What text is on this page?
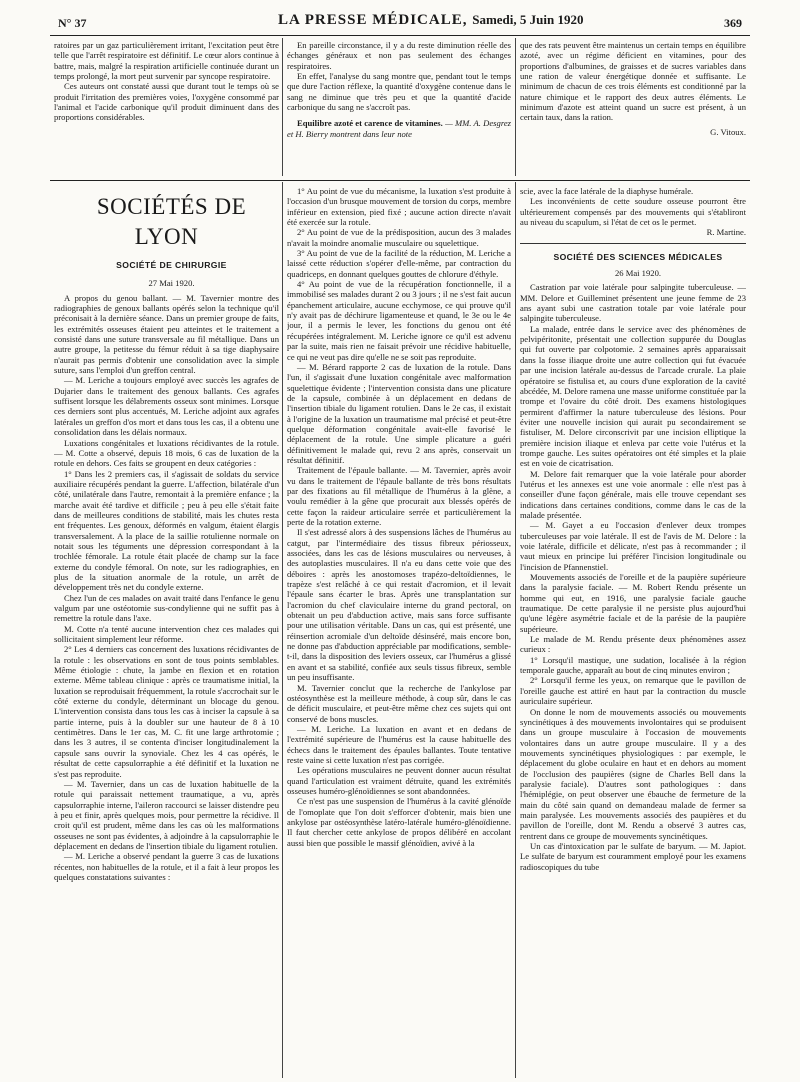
N° 37	LA PRESSE MÉDICALE, Samedi, 5 Juin 1920	369

ratoires par un gaz particulièrement irritant, l'excitation peut être telle que l'arrêt respiratoire est définitif. Le cœur alors continue à battre, mais, malgré la respiration artificielle continuée durant un temps prolongé, la mort peut survenir par syncope respiratoire.

Ces auteurs ont constaté aussi que durant tout le temps où se produit l'irritation des premières voies, l'oxygène consommé par l'animal et l'acide carbonique qu'il produit diminuent dans des proportions considérables.

En pareille circonstance, il y a du reste diminution réelle des échanges généraux et non pas seulement des échanges respiratoires.

En effet, l'analyse du sang montre que, pendant tout le temps que dure l'action réflexe, la quantité d'oxygène contenue dans le sang ne diminue que très peu et que la quantité d'acide carbonique du sang ne s'accroît pas.

Equilibre azoté et carence de vitamines. — MM. A. Desgrez et H. Bierry montrent dans leur note

que des rats peuvent être maintenus un certain temps en équilibre azoté, avec un régime déficient en vitamines, pour des proportions d'albumines, de graisses et de sucres variables dans une ration de valeur énergétique donnée et suffisante. Le minimum de chacun de ces trois éléments est conditionné par la nature chimique et le rapport des deux autres éléments. Le minimum d'azote est atteint quand un sucre est présent, à un certain taux, dans la ration.

G. Vitoux.

SOCIÉTÉS DE LYON

SOCIÉTÉ DE CHIRURGIE

27 Mai 1920.

A propos du genou ballant. — M. Tavernier montre des radiographies de genoux ballants opérés selon la technique qu'il préconisait à la dernière séance. Dans un premier groupe de faits, les extrémités osseuses étaient peu atteintes et le traitement a consisté dans une suture transversale au fil métallique. Dans un autre groupe, la petitesse du fémur réduit à sa tige diaphysaire n'aurait pas permis d'obtenir une consolidation avec la simple suture, sans l'emploi d'un greffon central.

— M. Leriche a toujours employé avec succès les agrafes de Dujarier dans le traitement des genoux ballants. Ces agrafes suffisent lorsque les délabrements osseux sont minimes. Lorsque ces derniers sont plus accentués, M. Leriche adjoint aux agrafes latérales un greffon d'os mort et dans tous les cas, il a obtenu une consolidation dans les délais normaux.

Luxations congénitales et luxations récidivantes de la rotule. — M. Cotte a observé, depuis 18 mois, 6 cas de luxation de la rotule en dehors. Ces faits se groupent en deux catégories :

1° Dans les 2 premiers cas, il s'agissait de soldats du service auxiliaire récupérés pendant la guerre. L'affection, bilatérale d'un côté, unilatérale dans l'autre, remontait à la première enfance ; la marche avait été tardive et difficile ; peu à peu elle s'était faite dans de meilleures conditions de stabilité, mais les chutes resta ent fréquentes. Les genoux, déformés en valgum, étaient élargis transversalement. A la place de la saillie rotulienne normale on notait sous les téguments une dépression correspondant à la trochlée fémorale. La rotule était placée de champ sur la face externe du condyle fémoral. On note, sur les radiographies, en plus de la situation anormale de la rotule, un arrêt de développement très net du condyle externe.

Chez l'un de ces malades on avait traité dans l'enfance le genu valgum par une ostéotomie sus-condylienne qui ne suffit pas à remettre la rotule dans l'axe.

M. Cotte n'a tenté aucune intervention chez ces malades qui sollicitaient simplement leur réforme.

2° Les 4 derniers cas concernent des luxations récidivantes de la rotule : les observations en sont de tous points semblables. Même étiologie : chute, la jambe en flexion et en rotation externe. Même tableau clinique : après ce traumatisme initial, la luxation se reproduisait fréquemment, la rotule s'accrochait sur le côté externe du condyle, déterminant un blocage du genou. L'intervention consista dans tous les cas à inciser la capsule à sa partie interne, puis à la doubler sur une hauteur de 8 à 10 centimètres. Dans le 1er cas, M. C. fit une large arthrotomie ; dans les 3 autres, il se contenta d'inciser longitudinalement la capsule sans ouvrir la synoviale. Chez les 4 cas opérés, le résultat de cette capsulorraphie a été définitif et la luxation ne s'est pas reproduite.

— M. Tavernier, dans un cas de luxation habituelle de la rotule qui paraissait nettement traumatique, a vu, après capsulorraphie interne, l'aileron raccourci se laisser distendre peu à peu et finir, après quelques mois, pour permettre la récidive. Il croit qu'il est prudent, même dans les cas où les malformations osseuses ne sont pas évidentes, à adjoindre à la capsulorraphie le déplacement en dedans de l'insertion tibiale du ligament rotulien.

— M. Leriche a observé pendant la guerre 3 cas de luxations récentes, non habituelles de la rotule, et il a fait à leur propos les quelques constatations suivantes :

1° Au point de vue du mécanisme, la luxation s'est produite à l'occasion d'un brusque mouvement de torsion du corps, membre inférieur en extension, pied fixé ; aucune action directe n'avait été exercée sur la rotule.

2° Au point de vue de la prédisposition, aucun des 3 malades n'avait la moindre anomalie musculaire ou squelettique.

3° Au point de vue de la facilité de la réduction, M. Leriche a laissé cette réduction s'opérer d'elle-même, par contraction du quadriceps, en donnant quelques gouttes de chlorure d'éthyle.

4° Au point de vue de la récupération fonctionnelle, il a immobilisé ses malades durant 2 ou 3 jours ; il ne s'est fait aucun épanchement articulaire, aucune ecchymose, ce qui prouve qu'il n'y avait pas de déchirure ligamenteuse et quand, le 3e ou le 4e jour, il a permis le lever, les fonctions du genou ont été récupérées intégralement. M. Leriche ignore ce qu'il est advenu par la suite, mais rien ne faisait prévoir une récidive habituelle, ce qui ne veut pas dire qu'elle ne se soit pas reproduite.

— M. Bérard rapporte 2 cas de luxation de la rotule. Dans l'un, il s'agissait d'une luxation congénitale avec malformation squelettique évidente ; l'intervention consista dans une plicature de la capsule, combinée à un déplacement en dedans de l'insertion tibiale du ligament rotulien. Dans le 2e cas, il existait à l'origine de la luxation un traumatisme mal précisé et peut-être quelque déformation congénitale avait-elle favorisé le déplacement de la rotule. Une simple plicature a guéri définitivement le malade qui, revu 2 ans après, conservait un résultat définitif.

Traitement de l'épaule ballante. — M. Tavernier, après avoir vu dans le traitement de l'épaule ballante de très bons résultats par des fixations au fil métallique de l'humérus à la glène, a voulu remédier à la gêne que procurait aux blessés opérés de cette façon la raideur articulaire serrée et particulièrement la perte de la rotation externe.

Il s'est adressé alors à des suspensions lâches de l'humérus au catgut, par l'intermédiaire des tissus fibreux périosseux, associées, dans les cas de lésions musculaires ou nerveuses, à des autoplasties musculaires. Il n'a eu dans cette voie que des déboires : après les anostomoses trapézo-deltoïdiennes, le trapèze s'est relâché à ce qui restait d'acromion, et il levait l'épaule sans écarter le bras. Après une transplantation sur l'acromion du chef claviculaire interne du grand pectoral, on obtenait un peu d'abduction active, mais sans force suffisante pour une utilisation véritable. Dans un cas, qui est présenté, une réinsertion acromiale d'un deltoïde désinséré, mais encore bon, ne donne pas d'abduction appréciable par modifications, semble-t-il, dans la disposition des leviers osseux, car l'humérus a glissé en avant et sa stabilité, confiée aux seuls tissus fibreux, semble un peu insuffisante.

M. Tavernier conclut que la recherche de l'ankylose par ostéosynthèse est la meilleure méthode, à coup sûr, dans le cas de déficit musculaire, et peut-être même chez ces sujets qui ont conservé de bons muscles.

— M. Leriche. La luxation en avant et en dedans de l'extrémité supérieure de l'humérus est la cause habituelle des échecs dans le traitement des épaules ballantes. Toute tentative reste vaine si cette luxation n'est pas corrigée.

Les opérations musculaires ne peuvent donner aucun résultat quand l'articulation est vraiment détruite, quand les extrémités osseuses huméro-glénoïdiennes se sont abandonnées.

Ce n'est pas une suspension de l'humérus à la cavité glénoïde de l'omoplate que l'on doit s'efforcer d'obtenir, mais bien une ankylose par ostéosynthèse latéro-latérale huméro-glénoïdienne. Il faut chercher cette ankylose de propos délibéré en accolant aussi bien que possible le massif glénoïdien, avivé à la

scie, avec la face latérale de la diaphyse humérale.

Les inconvénients de cette soudure osseuse pourront être ultérieurement compensés par des mouvements qui s'établiront au niveau du scapulum, si l'état de cet os le permet.

R. Martine.

SOCIÉTÉ DES SCIENCES MÉDICALES

26 Mai 1920.

Castration par voie latérale pour salpingite tuberculeuse. — MM. Delore et Guilleminet présentent une jeune femme de 23 ans ayant subi une castration totale par voie latérale pour salpingite tuberculeuse.

La malade, entrée dans le service avec des phénomènes de pelvipéritonite, présentait une collection suppurée du Douglas qui fut ouverte par colpotomie. 2 semaines après apparaissait dans la fosse iliaque droite une autre collection qui fut évacuée par une incision latérale au-dessus de l'arcade crurale. La plaie opératoire se fistulisa et, au cours d'une exploration de la cavité abcédée, M. Delore ramena une masse uniforme constituée par la trompe et l'ovaire du côté droit. Des examens histologiques permirent d'affirmer la nature tuberculeuse des lésions. Pour éviter une nouvelle incision qui aurait pu secondairement se fistuliser, M. Delore circonscrivit par une incision elliptique la première incision iliaque et enleva par cette voie l'utérus et la trompe gauche. Les suites opératoires ont été simples et la plaie est en voie de cicatrisation.

M. Delore fait remarquer que la voie latérale pour aborder l'utérus et les annexes est une voie anormale : elle n'est pas à conseiller d'une façon générale, mais elle trouve cependant ses indications dans certaines conditions, comme dans le cas de la malade présentée.

— M. Gayet a eu l'occasion d'enlever deux trompes tuberculeuses par voie latérale. Il est de l'avis de M. Delore : la voie latérale, difficile et délicate, n'est pas à recommander ; il vaut mieux en principe lui préférer l'incision longitudinale ou l'incision de Pfannenstiel.

Mouvements associés de l'oreille et de la paupière supérieure dans la paralysie faciale. — M. Robert Rendu présente un homme qui eut, en 1916, une paralysie faciale gauche traumatique. De cette paralysie il ne persiste plus aujourd'hui qu'une légère asymétrie faciale et de la parésie de la paupière supérieure.

Le malade de M. Rendu présente deux phénomènes assez curieux :

1° Lorsqu'il mastique, une sudation, localisée à la région temporale gauche, apparaît au bout de cinq minutes environ ;

2° Lorsqu'il ferme les yeux, on remarque que le pavillon de l'oreille gauche est attiré en haut par la contraction du muscle auriculaire supérieur.

On donne le nom de mouvements associés ou mouvements syncinétiques à des mouvements involontaires qui se produisent dans un groupe musculaire à l'occasion de mouvements volontaires dans un autre groupe musculaire. Il y a des mouvements syncinétiques physiologiques : par exemple, le déplacement du globe oculaire en haut et en dehors au moment de l'occlusion des paupières (signe de Charles Bell dans la paralysie faciale). D'autres sont pathologiques : dans l'hémiplégie, on peut observer une ébauche de fermeture de la main du côté sain quand on demandeau malade de fermer sa main paralysée. Les mouvements associés des paupières et du pavillon de l'oreille, dont M. Rendu a observé 3 autres cas, rentrent dans ce groupe de mouvements syncinétiques.

Un cas d'intoxication par le sulfate de baryum. — M. Japiot. Le sulfate de baryum est couramment employé pour les examens radioscopiques du tube
